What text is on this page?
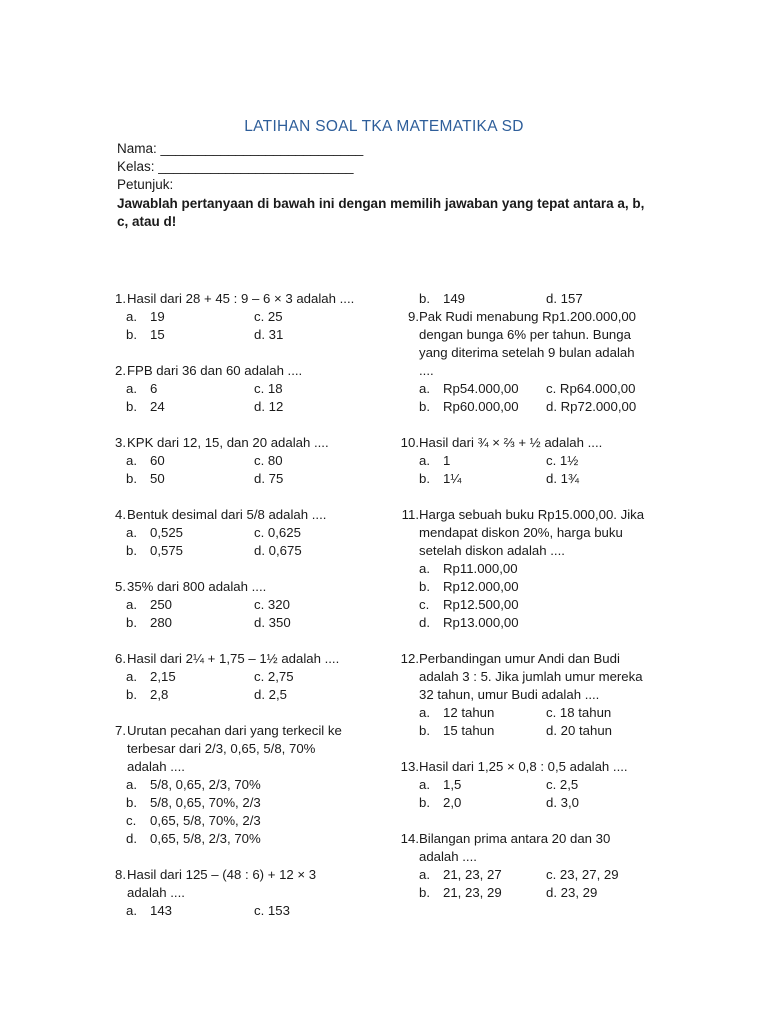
LATIHAN SOAL TKA MATEMATIKA SD
Nama: ___________________________
Kelas: __________________________
Petunjuk:
Jawablah pertanyaan di bawah ini dengan memilih jawaban yang tepat antara a, b,
c, atau d!
1. Hasil dari 28 + 45 : 9 – 6 × 3 adalah ....
a. 19	c. 25
b. 15	d. 31
2. FPB dari 36 dan 60 adalah ....
a. 6	c. 18
b. 24	d. 12
3. KPK dari 12, 15, dan 20 adalah ....
a. 60	c. 80
b. 50	d. 75
4. Bentuk desimal dari 5/8 adalah ....
a. 0,525	c. 0,625
b. 0,575	d. 0,675
5. 35% dari 800 adalah ....
a. 250	c. 320
b. 280	d. 350
6. Hasil dari 2¼ + 1,75 – 1½ adalah ....
a. 2,15	c. 2,75
b. 2,8	d. 2,5
7. Urutan pecahan dari yang terkecil ke
terbesar dari 2/3, 0,65, 5/8, 70%
adalah ....
a. 5/8, 0,65, 2/3, 70%
b. 5/8, 0,65, 70%, 2/3
c. 0,65, 5/8, 70%, 2/3
d. 0,65, 5/8, 2/3, 70%
8. Hasil dari 125 – (48 : 6) + 12 × 3
adalah ....
a. 143	c. 153
b. 149	d. 157
9. Pak Rudi menabung Rp1.200.000,00
dengan bunga 6% per tahun. Bunga
yang diterima setelah 9 bulan adalah
....
a. Rp54.000,00 c. Rp64.000,00
b. Rp60.000,00 d. Rp72.000,00
10. Hasil dari ¾ × ⅔ + ½ adalah ....
a. 1	c. 1½
b. 1¼	d. 1¾
11. Harga sebuah buku Rp15.000,00. Jika
mendapat diskon 20%, harga buku
setelah diskon adalah ....
a. Rp11.000,00
b. Rp12.000,00
c. Rp12.500,00
d. Rp13.000,00
12. Perbandingan umur Andi dan Budi
adalah 3 : 5. Jika jumlah umur mereka
32 tahun, umur Budi adalah ....
a. 12 tahun	c. 18 tahun
b. 15 tahun	d. 20 tahun
13. Hasil dari 1,25 × 0,8 : 0,5 adalah ....
a. 1,5	c. 2,5
b. 2,0	d. 3,0
14. Bilangan prima antara 20 dan 30
adalah ....
a. 21, 23, 27	c. 23, 27, 29
b. 21, 23, 29	d. 23, 29
